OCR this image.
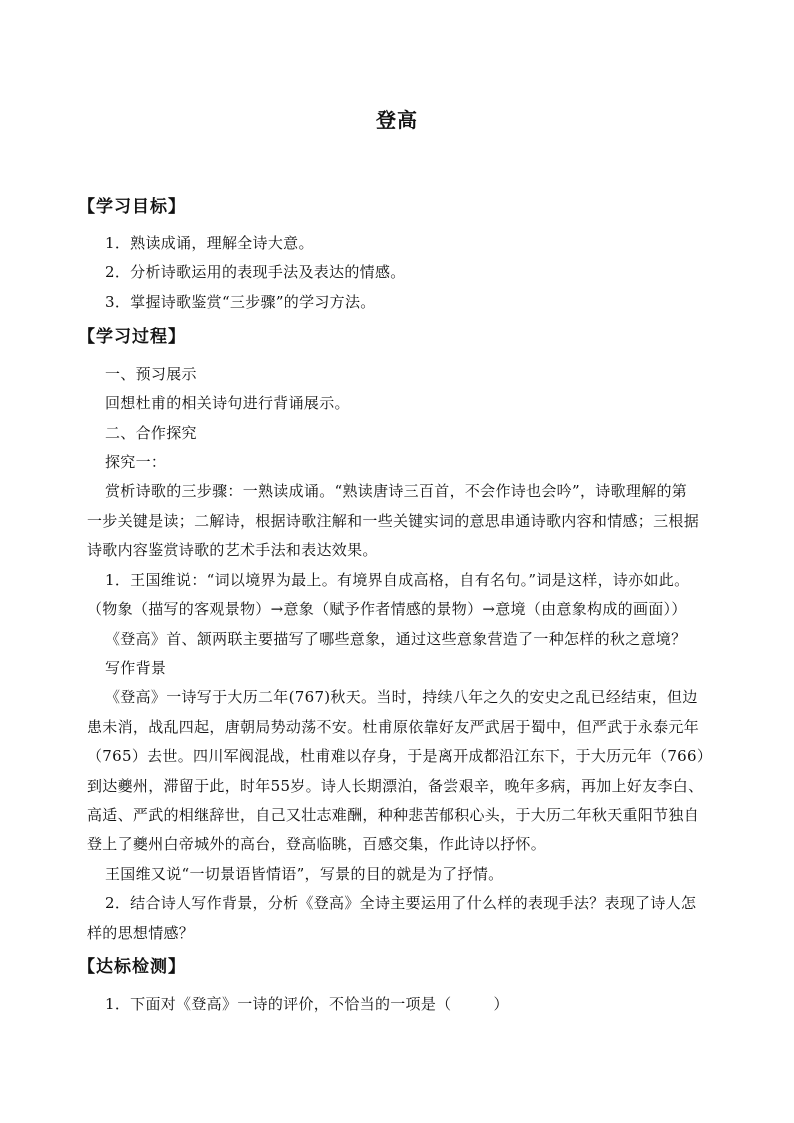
登高
【学习目标】
1．熟读成诵，理解全诗大意。
2．分析诗歌运用的表现手法及表达的情感。
3．掌握诗歌鉴赏“三步骤”的学习方法。
【学习过程】
一、预习展示
回想杜甫的相关诗句进行背诵展示。
二、合作探究
探究一：
赏析诗歌的三步骤：一熟读成诵。“熟读唐诗三百首，不会作诗也会吟”，诗歌理解的第
一步关键是读；二解诗，根据诗歌注解和一些关键实词的意思串通诗歌内容和情感；三根据
诗歌内容鉴赏诗歌的艺术手法和表达效果。
1．王国维说：“词以境界为最上。有境界自成高格，自有名句。”词是这样，诗亦如此。
（物象（描写的客观景物）→意象（赋予作者情感的景物）→意境（由意象构成的画面））
《登高》首、颔两联主要描写了哪些意象，通过这些意象营造了一种怎样的秋之意境？
写作背景
《登高》一诗写于大历二年(767)秋天。当时，持续八年之久的安史之乱已经结束，但边
患未消，战乱四起，唐朝局势动荡不安。杜甫原依靠好友严武居于蜀中，但严武于永泰元年
（765）去世。四川军阀混战，杜甫难以存身，于是离开成都沿江东下，于大历元年（766）
到达夔州，滞留于此，时年55岁。诗人长期漂泊，备尝艰辛，晚年多病，再加上好友李白、
高适、严武的相继辞世，自己又壮志难酬，种种悲苦郁积心头，于大历二年秋天重阳节独自
登上了夔州白帝城外的高台，登高临眺，百感交集，作此诗以抒怀。
王国维又说“一切景语皆情语”，写景的目的就是为了抒情。
2．结合诗人写作背景，分析《登高》全诗主要运用了什么样的表现手法？表现了诗人怎
样的思想情感？
【达标检测】
1．下面对《登高》一诗的评价，不恰当的一项是（	）
